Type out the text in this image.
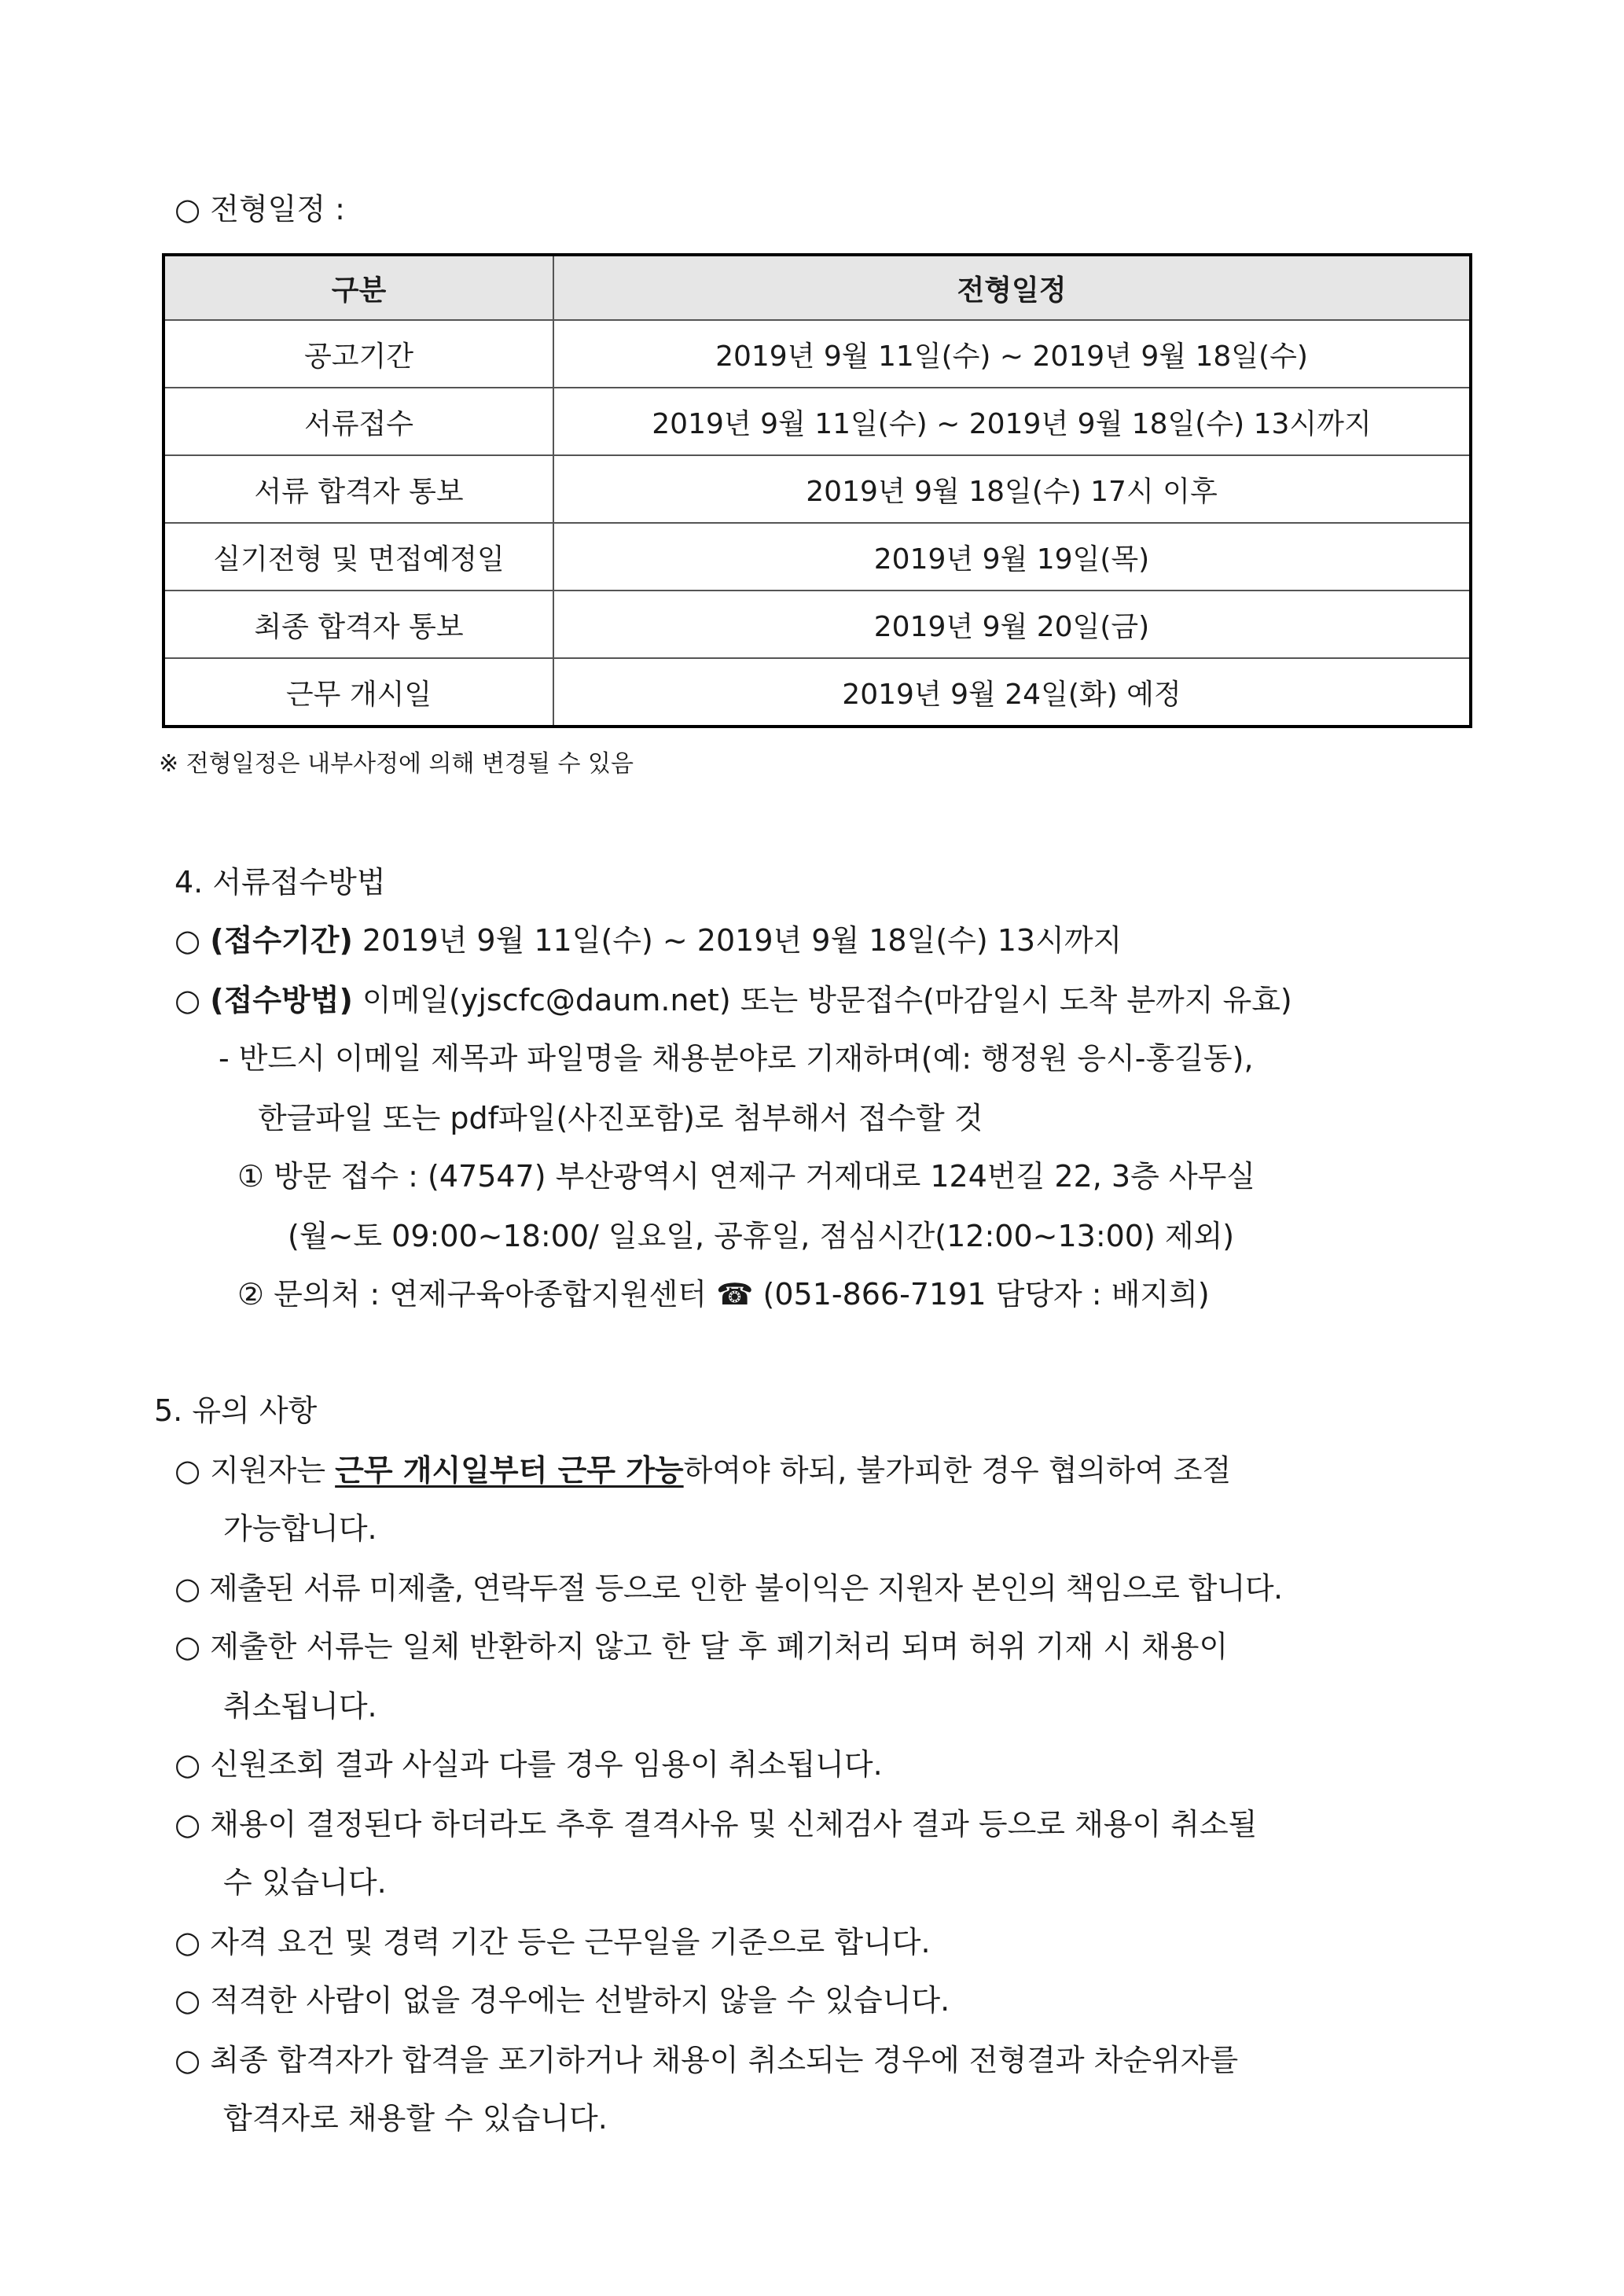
○ 전형일정 :
구분	전형일정
공고기간	2019년 9월 11일(수) ~ 2019년 9월 18일(수)
서류접수	2019년 9월 11일(수) ~ 2019년 9월 18일(수) 13시까지
서류 합격자 통보	2019년 9월 18일(수) 17시 이후
실기전형 및 면접예정일	2019년 9월 19일(목)
최종 합격자 통보	2019년 9월 20일(금)
근무 개시일	2019년 9월 24일(화) 예정
※ 전형일정은 내부사정에 의해 변경될 수 있음
4. 서류접수방법
○ (접수기간) 2019년 9월 11일(수) ~ 2019년 9월 18일(수) 13시까지
○ (접수방법) 이메일(yjscfc@daum.net) 또는 방문접수(마감일시 도착 분까지 유효)
- 반드시 이메일 제목과 파일명을 채용분야로 기재하며(예: 행정원 응시-홍길동),
한글파일 또는 pdf파일(사진포함)로 첨부해서 접수할 것
① 방문 접수 : (47547) 부산광역시 연제구 거제대로 124번길 22, 3층 사무실
(월~토 09:00~18:00/ 일요일, 공휴일, 점심시간(12:00~13:00) 제외)
② 문의처 : 연제구육아종합지원센터 ☎ (051-866-7191 담당자 : 배지희)
5. 유의 사항
○ 지원자는 근무 개시일부터 근무 가능하여야 하되, 불가피한 경우 협의하여 조절
가능합니다.
○ 제출된 서류 미제출, 연락두절 등으로 인한 불이익은 지원자 본인의 책임으로 합니다.
○ 제출한 서류는 일체 반환하지 않고 한 달 후 폐기처리 되며 허위 기재 시 채용이
취소됩니다.
○ 신원조회 결과 사실과 다를 경우 임용이 취소됩니다.
○ 채용이 결정된다 하더라도 추후 결격사유 및 신체검사 결과 등으로 채용이 취소될
수 있습니다.
○ 자격 요건 및 경력 기간 등은 근무일을 기준으로 합니다.
○ 적격한 사람이 없을 경우에는 선발하지 않을 수 있습니다.
○ 최종 합격자가 합격을 포기하거나 채용이 취소되는 경우에 전형결과 차순위자를
합격자로 채용할 수 있습니다.
